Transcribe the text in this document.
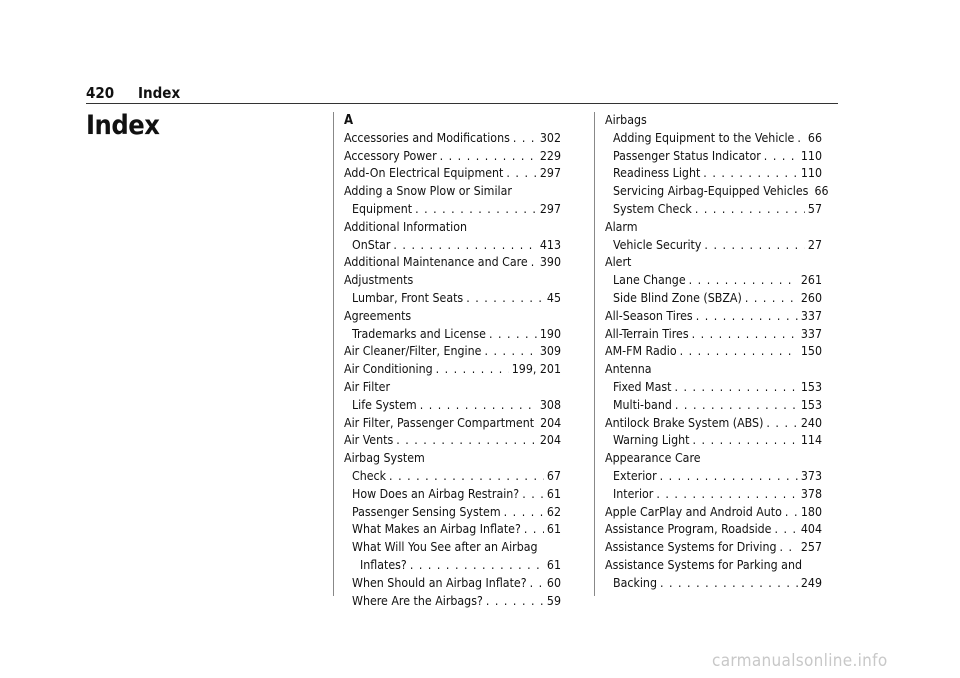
420 Index
Index	A
Accessories and Modifications . . . 302
Accessory Power . . .	229
Add-On Electrical Equipment . . .	297
Adding a Snow Plow or Similar
Equipment . . .	297
Additional Information
OnStar . . .	413
Additional Maintenance and Care . . . 390
Adjustments
Lumbar, Front Seats . . .	45
Agreements
Trademarks and License . . .	190
Air Cleaner/Filter, Engine . . .	309
Air Conditioning . . .	199, 201
Air Filter
Life System . . .	308
Air Filter, Passenger Compartment 204
Air Vents . . .	204
Airbag System
Check . . .	67
How Does an Airbag Restrain? . . . 61
Passenger Sensing System . . .	62
What Makes an Airbag Inflate? . . . 61
What Will You See after an Airbag
Inflates? . . .	61
When Should an Airbag Inflate? . . . 60
Where Are the Airbags? . . .	59
Airbags
Adding Equipment to the Vehicle . . . 66
Passenger Status Indicator . . .	110
Readiness Light . . .	110
Servicing Airbag-Equipped Vehicles 66
System Check . . .	57
Alarm
Vehicle Security . . .	27
Alert
Lane Change . . .	261
Side Blind Zone (SBZA) . . .	260
All-Season Tires . . .	337
All-Terrain Tires . . .	337
AM-FM Radio . . .	150
Antenna
Fixed Mast . . .	153
Multi-band . . .	153
Antilock Brake System (ABS) . . .	240
Warning Light . . .	114
Appearance Care
Exterior . . .	373
Interior . . .	378
Apple CarPlay and Android Auto . . . 180
Assistance Program, Roadside . . . 404
Assistance Systems for Driving . . . 257
Assistance Systems for Parking and
Backing . . .	249
carmanualsonline.info
